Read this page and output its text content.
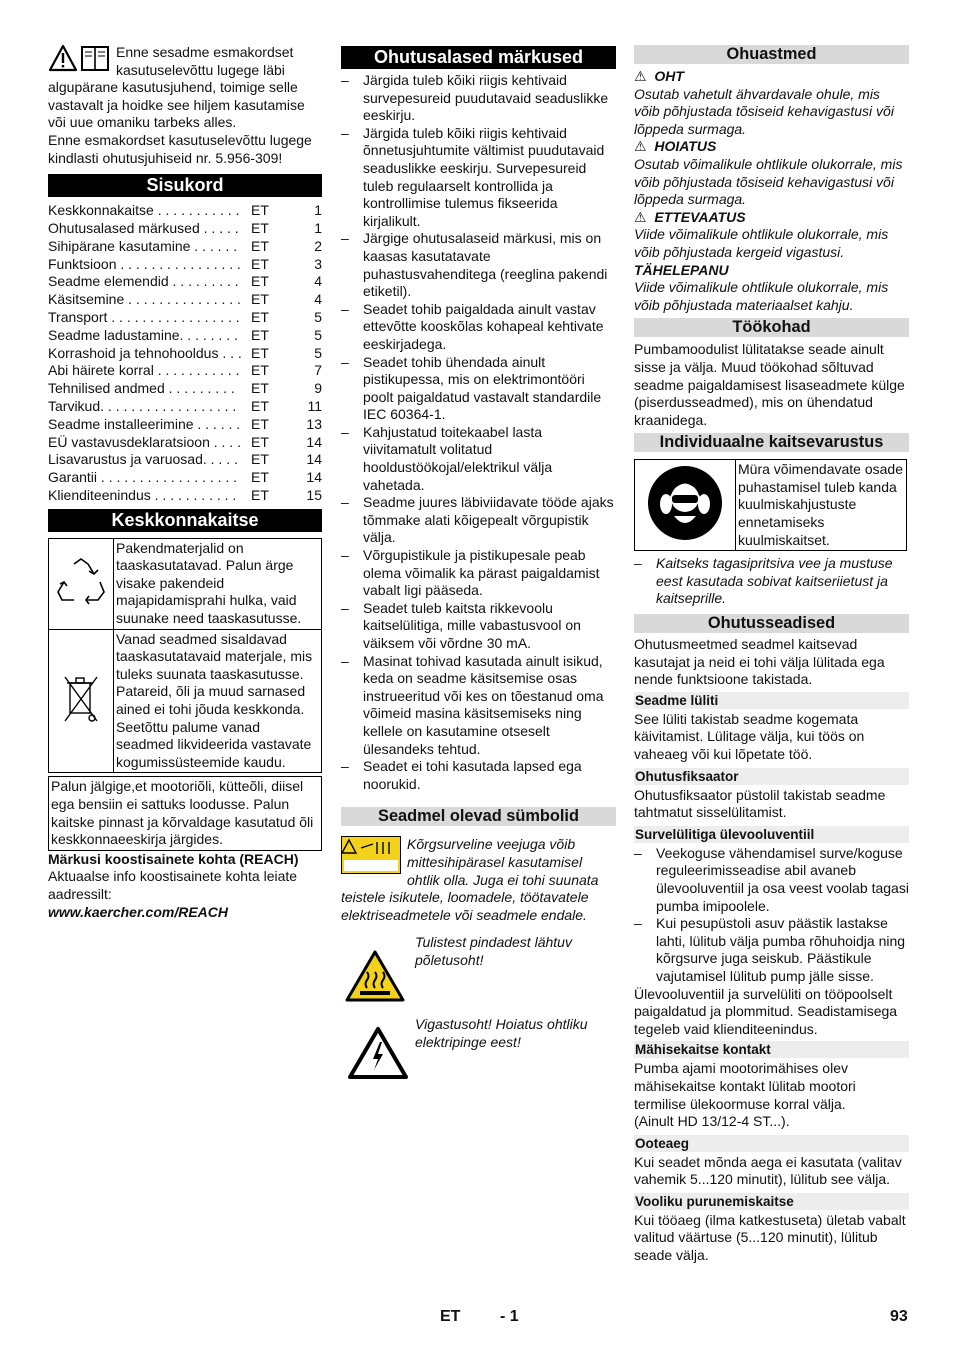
Enne sesadme esmakordset kasutuselevõttu lugege läbi algupärane kasutusjuhend, toimige selle vastavalt ja hoidke see hiljem kasutamise või uue omaniku tarbeks alles.

Enne esmakordset kasutuselevõttu lugege kindlasti ohutusjuhiseid nr. 5.956-309!

Sisukord
Keskkonnakaitse . . . . . . . . . . . ET	1
Ohutusalased märkused . . . . . ET	1
Sihipärane kasutamine . . . . . . ET	2
Funktsioon . . . . . . . . . . . . . . . . ET	3
Seadme elemendid . . . . . . . . . ET	4
Käsitsemine . . . . . . . . . . . . . . . ET	4
Transport . . . . . . . . . . . . . . . . . ET	5
Seadme ladustamine. . . . . . . . ET	5
Korrashoid ja tehnohooldus . . . ET	5
Abi häirete korral . . . . . . . . . . . ET	7
Tehnilised andmed . . . . . . . . .	ET	9
Tarvikud. . . . . . . . . . . . . . . . . .	ET	11
Seadme installeerimine . . . . . . ET	13
EÜ vastavusdeklaratsioon . . . . ET	14
Lisavarustus ja varuosad. . . . . ET	14
Garantii . . . . . . . . . . . . . . . . . . ET	14
Klienditeenindus . . . . . . . . . . .	ET	15
Keskkonnakaitse
	Pakendmaterjalid on taaskasutatavad. Palun ärge visake pakendeid majapidamisprahi hulka, vaid suunake need taaskasutusse.
	Vanad seadmed sisaldavad taaskasutatavaid materjale, mis tuleks suunata taaskasutusse. Patareid, õli ja muud sarnased ained ei tohi jõuda keskkonda. Seetõttu palume vanad seadmed likvideerida vastavate kogumissüsteemide kaudu.

Palun jälgige,et mootoriõli, kütteõli, diisel ega bensiin ei sattuks loodusse. Palun kaitske pinnast ja kõrvaldage kasutatud õli keskkonnaeeskirja järgides.

Märkusi koostisainete kohta (REACH)

Aktuaalse info koostisainete kohta leiate aadressilt:

www.kaercher.com/REACH

Ohutusalased märkused
– Järgida tuleb kõiki riigis kehtivaid survepesureid puudutavaid seaduslikke eeskirju.
– Järgida tuleb kõiki riigis kehtivaid õnnetusjuhtumite vältimist puudutavaid seaduslikke eeskirju. Survepesureid tuleb regulaarselt kontrollida ja kontrollimise tulemus fikseerida kirjalikult.
– Järgige ohutusalaseid märkusi, mis on kaasas kasutatavate puhastusvahenditega (reeglina pakendi etiketil).
– Seadet tohib paigaldada ainult vastav ettevõtte kooskõlas kohapeal kehtivate eeskirjadega.
– Seadet tohib ühendada ainult pistikupessa, mis on elektrimontööri poolt paigaldatud vastavalt standardile IEC 60364-1.
– Kahjustatud toitekaabel lasta viivitamatult volitatud hooldustöökojal/elektrikul välja vahetada.
– Seadme juures läbiviidavate tööde ajaks tõmmake alati kõigepealt võrgupistik välja.
– Võrgupistikule ja pistikupesale peab olema võimalik ka pärast paigaldamist vabalt ligi pääseda.
– Seadet tuleb kaitsta rikkevoolu kaitselülitiga, mille vabastusvool on väiksem või võrdne 30 mA.
– Masinat tohivad kasutada ainult isikud, keda on seadme käsitsemise osas instrueeritud või kes on tõestanud oma võimeid masina käsitsemiseks ning kellele on kasutamine otseselt ülesandeks tehtud.
– Seadet ei tohi kasutada lapsed ega noorukid.
Seadmel olevad sümbolid

Kõrgsurveline veejuga võib mittesihipärasel kasutamisel ohtlik olla. Juga ei tohi suunata teistele isikutele, loomadele, töötavatele elektriseadmetele või seadmele endale.

Tulistest pindadest lähtuv põletusoht!

Vigastusoht! Hoiatus ohtliku elektripinge eest!

Ohuastmed

⚠ OHT

Osutab vahetult ähvardavale ohule, mis võib põhjustada tõsiseid kehavigastusi või lõppeda surmaga.

⚠ HOIATUS

Osutab võimalikule ohtlikule olukorrale, mis võib põhjustada tõsiseid kehavigastusi või lõppeda surmaga.

⚠ ETTEVAATUS

Viide võimalikule ohtlikule olukorrale, mis võib põhjustada kergeid vigastusi.

TÄHELEPANU

Viide võimalikule ohtlikule olukorrale, mis võib põhjustada materiaalset kahju.

Töökohad

Pumbamoodulist lülitatakse seade ainult sisse ja välja. Muud töökohad sõltuvad seadme paigaldamisest lisaseadmete külge (piserdusseadmed), mis on ühendatud kraanidega.

Individuaalne kaitsevarustus
	Müra võimendavate osade puhastamisel tuleb kanda kuulmiskahjustuste ennetamiseks kuulmiskaitset.
– Kaitseks tagasipritsiva vee ja mustuse eest kasutada sobivat kaitseriietust ja kaitseprille.
Ohutusseadised

Ohutusmeetmed seadmel kaitsevad kasutajat ja neid ei tohi välja lülitada ega nende funktsioone takistada.

Seadme lüliti

See lüliti takistab seadme kogemata käivitamist. Lülitage välja, kui töös on vaheaeg või kui lõpetate töö.

Ohutusfiksaator

Ohutusfiksaator püstolil takistab seadme tahtmatut sisselülitamist.

Survelülitiga ülevooluventiil
– Veekoguse vähendamisel surve/koguse reguleerimisseadise abil avaneb ülevooluventiil ja osa veest voolab tagasi pumba imipoolele.
– Kui pesupüstoli asuv päästik lastakse lahti, lülitub välja pumba rõhuhoidja ning kõrgsurve juga seiskub. Päästikule vajutamisel lülitub pump jälle sisse.

Ülevooluventiil ja survelüliti on tööpoolselt paigaldatud ja plommitud. Seadistamisega tegeleb vaid klienditeenindus.

Mähisekaitse kontakt

Pumba ajami mootorimähises olev mähisekaitse kontakt lülitab mootori termilise ülekoormuse korral välja.

(Ainult HD 13/12-4 ST...).

Ooteaeg

Kui seadet mõnda aega ei kasutata (valitav vahemik 5...120 minutit), lülitub see välja.

Vooliku purunemiskaitse

Kui tööaeg (ilma katkestuseta) ületab vabalt valitud väärtuse (5...120 minutit), lülitub seade välja.

ET - 1	93
